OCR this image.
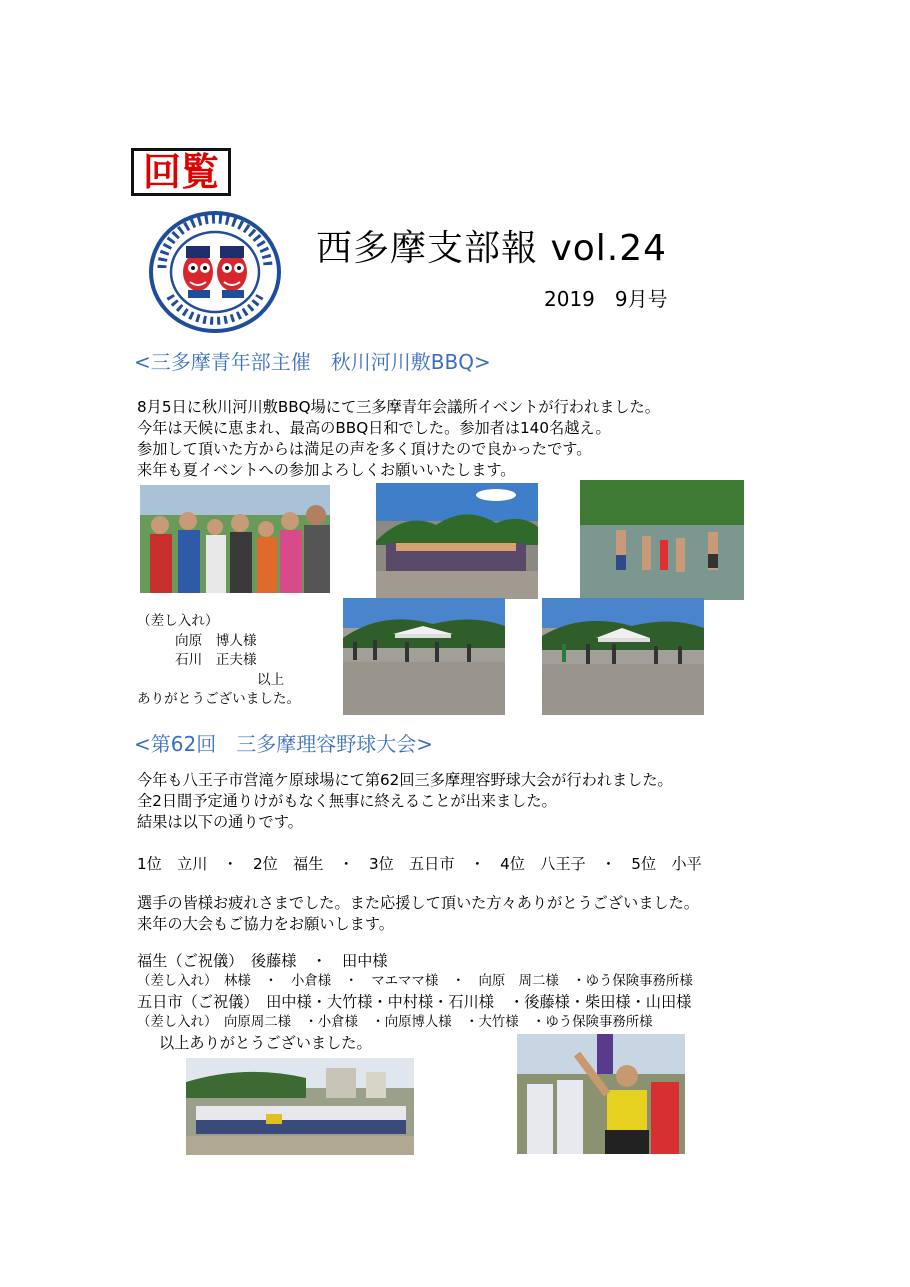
回覧
西多摩支部報 vol.24
2019　9月号
<三多摩青年部主催　秋川河川敷BBQ>
8月5日に秋川河川敷BBQ場にて三多摩青年会議所イベントが行われました。
今年は天候に恵まれ、最高のBBQ日和でした。参加者は140名越え。
参加して頂いた方からは満足の声を多く頂けたので良かったです。
来年も夏イベントへの参加よろしくお願いいたします。
（差し入れ）
向原　博人様
石川　正夫様
以上
ありがとうございました。
<第62回　三多摩理容野球大会>
今年も八王子市営滝ケ原球場にて第62回三多摩理容野球大会が行われました。
全2日間予定通りけがもなく無事に終えることが出来ました。
結果は以下の通りです。
1位　立川　・　2位　福生　・　3位　五日市　・　4位　八王子　・　5位　小平
選手の皆様お疲れさまでした。また応援して頂いた方々ありがとうございました。
来年の大会もご協力をお願いします。
福生（ご祝儀）　後藤様　・　田中様
（差し入れ）　林様　・　小倉様　・　マエママ様　・　向原　周二様　・ゆう保険事務所様
五日市（ご祝儀）　田中様・大竹様・中村様・石川様　・後藤様・柴田様・山田様
（差し入れ）　向原周二様　・小倉様　・向原博人様　・大竹様　・ゆう保険事務所様
以上ありがとうございました。
